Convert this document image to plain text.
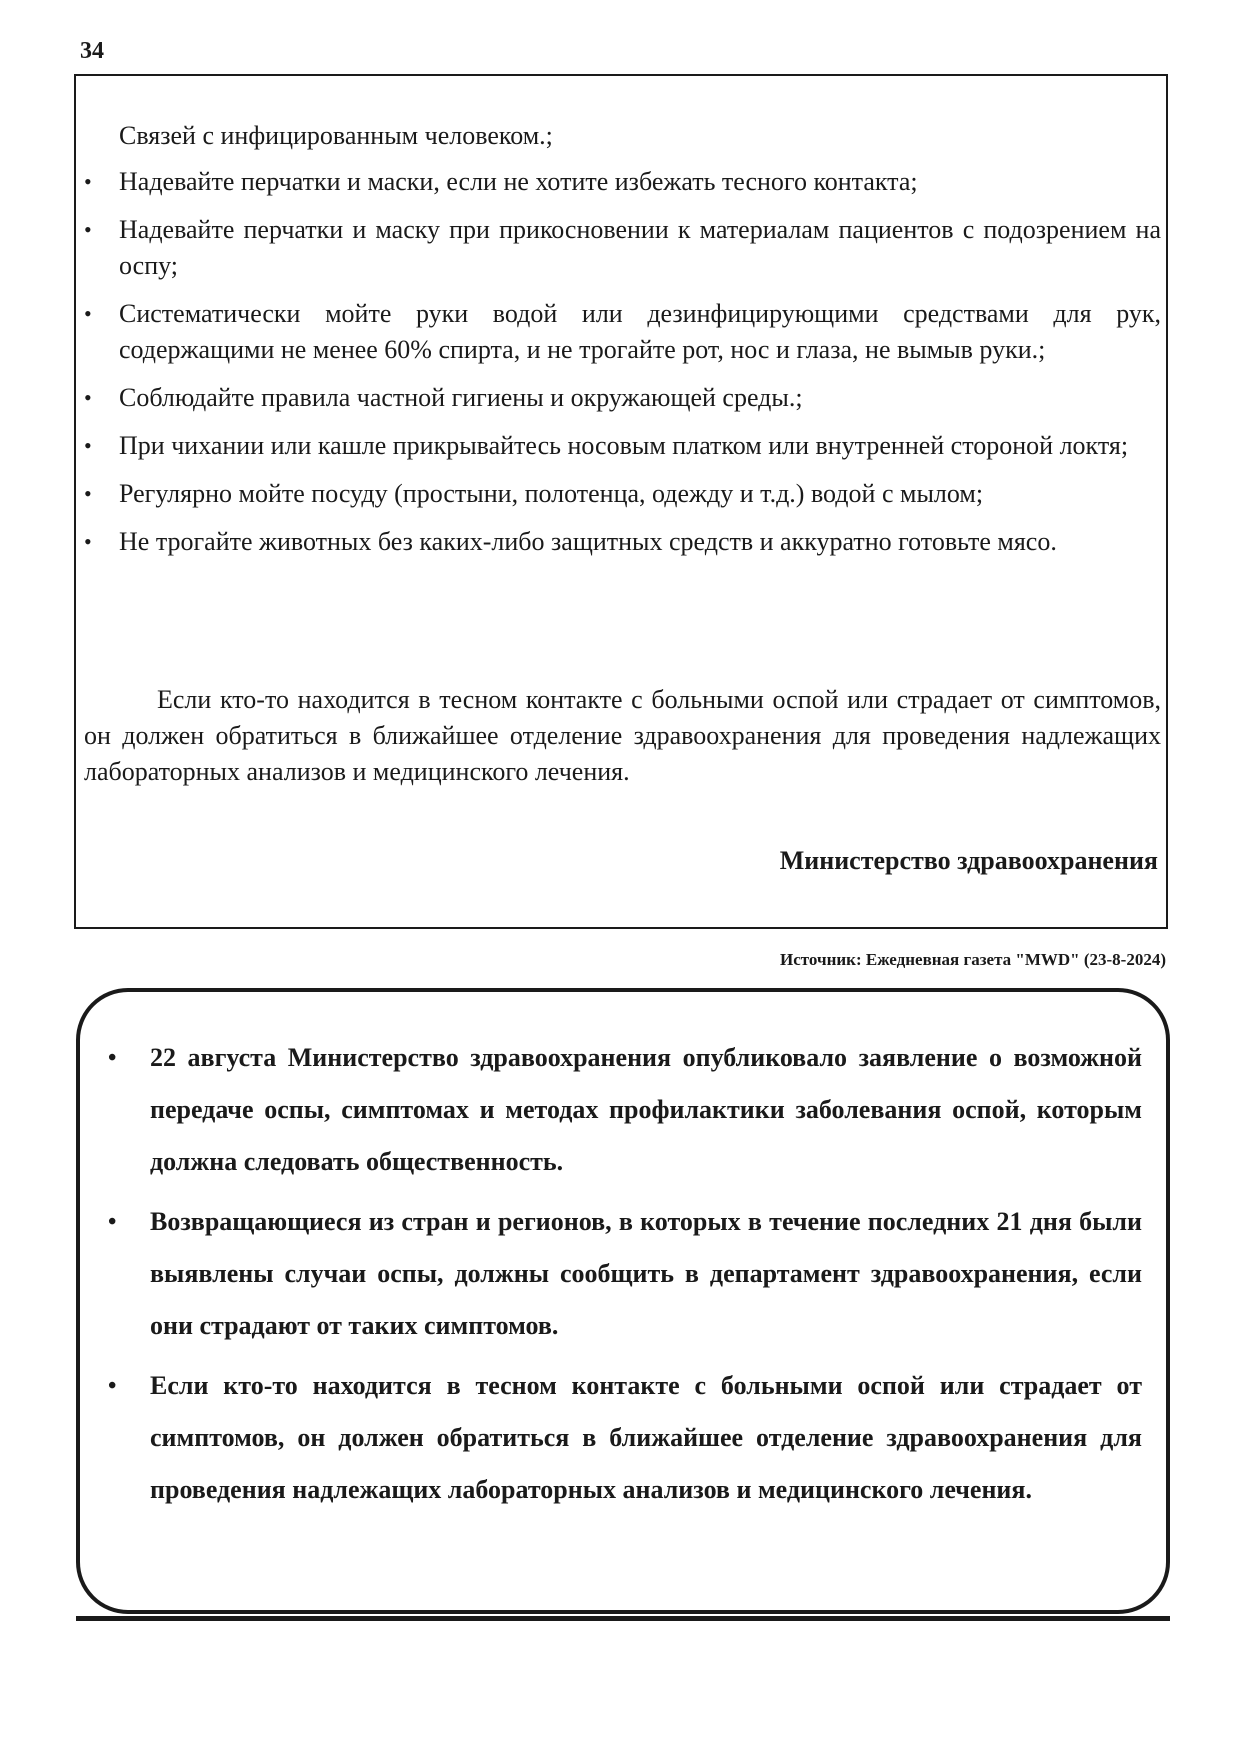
34
Связей с инфицированным человеком.;
• Надевайте перчатки и маски, если не хотите избежать тесного контакта;
• Надевайте перчатки и маску при прикосновении к материалам пациентов с подозрением на оспу;
• Систематически мойте руки водой или дезинфицирующими средствами для рук, содержащими не менее 60% спирта, и не трогайте рот, нос и глаза, не вымыв руки.;
• Соблюдайте правила частной гигиены и окружающей среды.;
• При чихании или кашле прикрывайтесь носовым платком или внутренней стороной локтя;
• Регулярно мойте посуду (простыни, полотенца, одежду и т.д.) водой с мылом;
• Не трогайте животных без каких-либо защитных средств и аккуратно готовьте мясо.
Если кто-то находится в тесном контакте с больными оспой или страдает от симптомов, он должен обратиться в ближайшее отделение здравоохранения для проведения надлежащих лабораторных анализов и медицинского лечения.
Министерство здравоохранения
Источник: Ежедневная газета "MWD" (23-8-2024)
• 22 августа Министерство здравоохранения опубликовало заявление о возможной передаче оспы, симптомах и методах профилактики заболевания оспой, которым должна следовать общественность.
• Возвращающиеся из стран и регионов, в которых в течение последних 21 дня были выявлены случаи оспы, должны сообщить в департамент здравоохранения, если они страдают от таких симптомов.
• Если кто-то находится в тесном контакте с больными оспой или страдает от симптомов, он должен обратиться в ближайшее отделение здравоохранения для проведения надлежащих лабораторных анализов и медицинского лечения.
